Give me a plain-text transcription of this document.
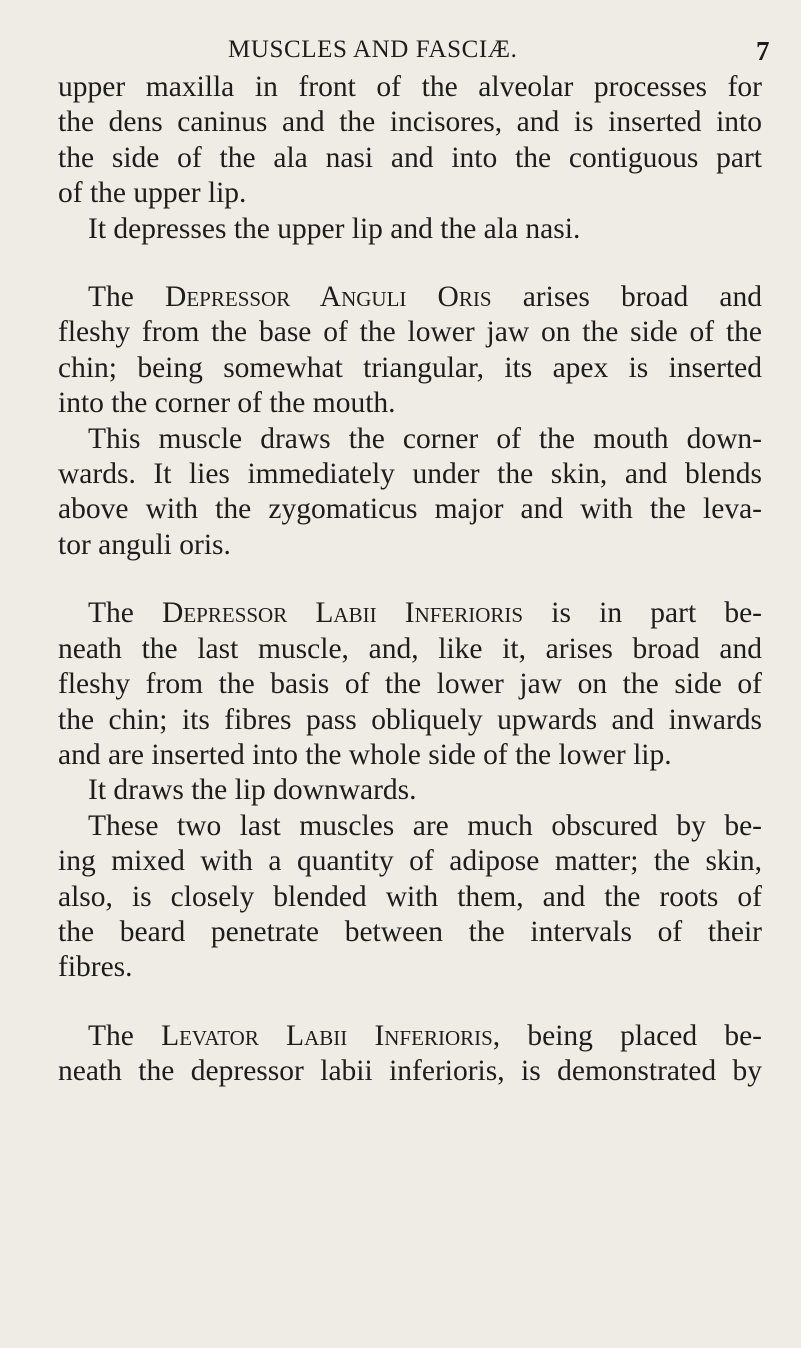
MUSCLES AND FASCIÆ.	7

upper maxilla in front of the alveolar processes for

the dens caninus and the incisores, and is inserted into

the side of the ala nasi and into the contiguous part

of the upper lip.

It depresses the upper lip and the ala nasi.

The Depressor Anguli Oris arises broad and

fleshy from the base of the lower jaw on the side of the

chin; being somewhat triangular, its apex is inserted

into the corner of the mouth.

This muscle draws the corner of the mouth down-

wards. It lies immediately under the skin, and blends

above with the zygomaticus major and with the leva-

tor anguli oris.

The Depressor Labii Inferioris is in part be-

neath the last muscle, and, like it, arises broad and

fleshy from the basis of the lower jaw on the side of

the chin; its fibres pass obliquely upwards and inwards

and are inserted into the whole side of the lower lip.

It draws the lip downwards.

These two last muscles are much obscured by be-

ing mixed with a quantity of adipose matter; the skin,

also, is closely blended with them, and the roots of

the beard penetrate between the intervals of their

fibres.

The Levator Labii Inferioris, being placed be-

neath the depressor labii inferioris, is demonstrated by
